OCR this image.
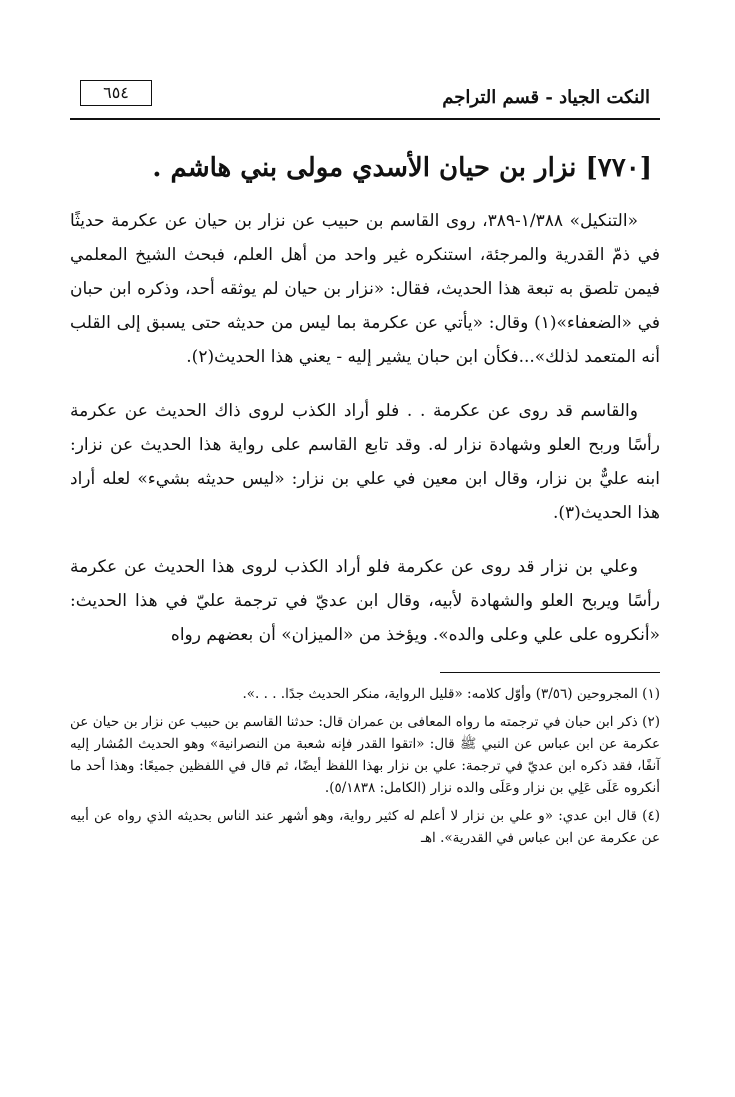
النكت الجياد - قسم التراجم
٦٥٤
[٧٧٠] نزار بن حيان الأسدي مولى بني هاشم .

«التنكيل» ١/٣٨٨-٣٨٩، روى القاسم بن حبيب عن نزار بن حيان عن عكرمة حديثًا في ذمّ القدرية والمرجئة، استنكره غير واحد من أهل العلم، فبحث الشيخ المعلمي فيمن تلصق به تبعة هذا الحديث، فقال: «نزار بن حيان لم يوثقه أحد، وذكره ابن حبان في «الضعفاء»(١) وقال: «يأتي عن عكرمة بما ليس من حديثه حتى يسبق إلى القلب أنه المتعمد لذلك»...فكأن ابن حبان يشير إليه - يعني هذا الحديث(٢).

والقاسم قد روى عن عكرمة . . فلو أراد الكذب لروى ذاك الحديث عن عكرمة رأسًا وربح العلو وشهادة نزار له. وقد تابع القاسم على رواية هذا الحديث عن نزار: ابنه عليٌّ بن نزار، وقال ابن معين في علي بن نزار: «ليس حديثه بشيء» لعله أراد هذا الحديث(٣).

وعلي بن نزار قد روى عن عكرمة فلو أراد الكذب لروى هذا الحديث عن عكرمة رأسًا ويربح العلو والشهادة لأبيه، وقال ابن عديّ في ترجمة عليّ في هذا الحديث: «أنكروه على علي وعلى والده». ويؤخذ من «الميزان» أن بعضهم رواه

(١) المجروحين (٣/٥٦) وأوّل كلامه: «قليل الرواية، منكر الحديث جدًا. . . .».

(٢) ذكر ابن حبان في ترجمته ما رواه المعافى بن عمران قال: حدثنا القاسم بن حبيب عن نزار بن حيان عن عكرمة عن ابن عباس عن النبي ﷺ قال: «اتقوا القدر فإنه شعبة من النصرانية» وهو الحديث المُشار إليه آنفًا، فقد ذكره ابن عديّ في ترجمة: علي بن نزار بهذا اللفظ أيضًا، ثم قال في اللفظين جميعًا: وهذا أحد ما أنكروه عَلَى عَلِي بن نزار وعَلَى والده نزار (الكامل: ٥/١٨٣٨).

(٤) قال ابن عدي: «و علي بن نزار لا أعلم له كثير رواية، وهو أشهر عند الناس بحديثه الذي رواه عن أبيه عن عكرمة عن ابن عباس في القدرية». اهـ
